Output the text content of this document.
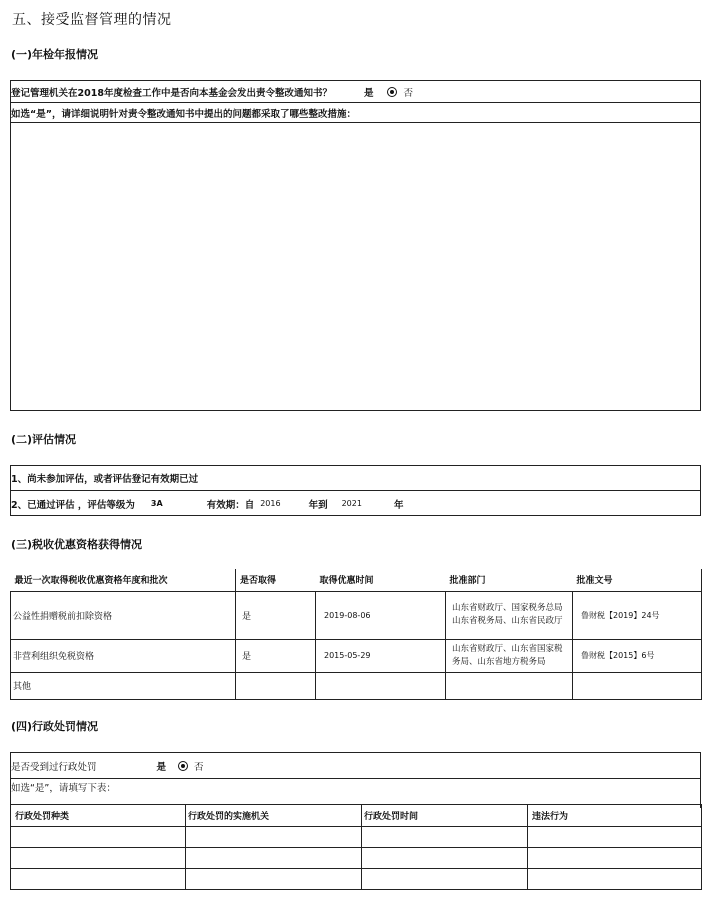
五、接受监督管理的情况
(一)年检年报情况
登记管理机关在2018年度检查工作中是否向本基金会发出责令整改通知书？	是	否
如选“是”，请详细说明针对责令整改通知书中提出的问题都采取了哪些整改措施：
(二)评估情况
1、尚未参加评估，或者评估登记有效期已过
2、已通过评估 ，评估等级为 3A	有效期：自 2016	年到 2021	年
(三)税收优惠资格获得情况
最近一次取得税收优惠资格年度和批次	是否取得	取得优惠时间	批准部门	批准文号
公益性捐赠税前扣除资格	是	2019-08-06	山东省财政厅、国家税务总局山东省税务局、山东省民政厅	鲁财税【2019】24号
非营利组织免税资格	是	2015-05-29	山东省财政厅、山东省国家税务局、山东省地方税务局	鲁财税【2015】6号
其他				
(四)行政处罚情况
是否受到过行政处罚	是	否
如选“是”，请填写下表：
行政处罚种类	行政处罚的实施机关	行政处罚时间	违法行为
